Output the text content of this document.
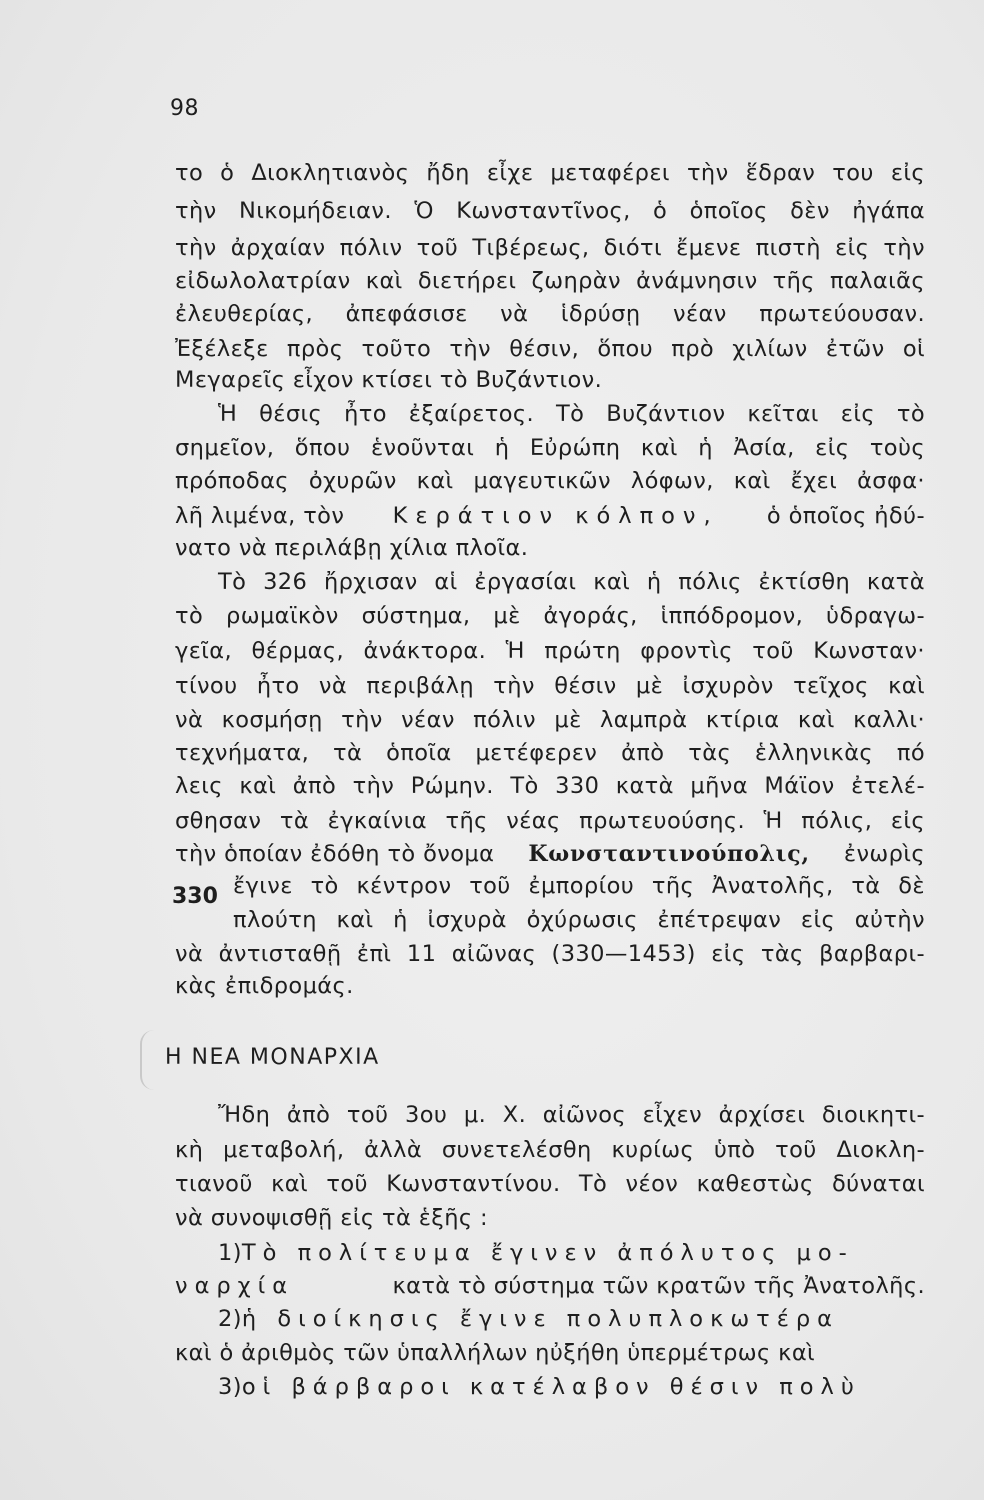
98
το ὁ Διοκλητιανὸς ἤδη εἶχε μεταφέρει τὴν ἕδραν του εἰς
τὴν Νικομήδειαν. Ὁ Κωνσταντῖνος, ὁ ὁποῖος δὲν ἠγάπα
τὴν ἀρχαίαν πόλιν τοῦ Τιβέρεως, διότι ἔμενε πιστὴ εἰς τὴν
εἰδωλολατρίαν καὶ διετήρει ζωηρὰν ἀνάμνησιν τῆς παλαιᾶς
ἐλευθερίας, ἀπεφάσισε νὰ ἱδρύσῃ νέαν πρωτεύουσαν.
Ἐξέλεξε πρὸς τοῦτο τὴν θέσιν, ὅπου πρὸ χιλίων ἐτῶν οἱ
Μεγαρεῖς εἶχον κτίσει τὸ Βυζάντιον.
Ἡ θέσις ἦτο ἐξαίρετος. Τὸ Βυζάντιον κεῖται εἰς τὸ
σημεῖον, ὅπου ἑνοῦνται ἡ Εὐρώπη καὶ ἡ Ἀσία, εἰς τοὺς
πρόποδας ὀχυρῶν καὶ μαγευτικῶν λόφων, καὶ ἔχει ἀσφα·
λῆ λιμένα, τὸν Κεράτιον κόλπον, ὁ ὁποῖος ἠδύ-
νατο νὰ περιλάβῃ χίλια πλοῖα.
Τὸ 326 ἤρχισαν αἱ ἐργασίαι καὶ ἡ πόλις ἐκτίσθη κατὰ
τὸ ρωμαϊκὸν σύστημα, μὲ ἀγοράς, ἱππόδρομον, ὑδραγω-
γεῖα, θέρμας, ἀνάκτορα. Ἡ πρώτη φροντὶς τοῦ Κωνσταν·
τίνου ἦτο νὰ περιβάλῃ τὴν θέσιν μὲ ἰσχυρὸν τεῖχος καὶ
νὰ κοσμήσῃ τὴν νέαν πόλιν μὲ λαμπρὰ κτίρια καὶ καλλι·
τεχνήματα, τὰ ὁποῖα μετέφερεν ἀπὸ τὰς ἑλληνικὰς πό
λεις καὶ ἀπὸ τὴν Ρώμην. Τὸ 330 κατὰ μῆνα Μάϊον ἐτελέ-
σθησαν τὰ ἐγκαίνια τῆς νέας πρωτευούσης. Ἡ πόλις, εἰς
τὴν ὁποίαν ἐδόθη τὸ ὄνομα Κωνσταντινούπολις, ἐνωρὶς
330 ἔγινε τὸ κέντρον τοῦ ἐμπορίου τῆς Ἀνατολῆς, τὰ δὲ
πλούτη καὶ ἡ ἰσχυρὰ ὀχύρωσις ἐπέτρεψαν εἰς αὐτὴν
νὰ ἀντισταθῇ ἐπὶ 11 αἰῶνας (330—1453) εἰς τὰς βαρβαρι-
κὰς ἐπιδρομάς.
Η ΝΕΑ ΜΟΝΑΡΧΙΑ
Ἤδη ἀπὸ τοῦ 3ου μ. Χ. αἰῶνος εἶχεν ἀρχίσει διοικητι-
κὴ μεταβολή, ἀλλὰ συνετελέσθη κυρίως ὑπὸ τοῦ Διοκλη-
τιανοῦ καὶ τοῦ Κωνσταντίνου. Τὸ νέον καθεστὼς δύναται
νὰ συνοψισθῇ εἰς τὰ ἑξῆς :
1) Τὸ πολίτευμα ἔγινεν ἀπόλυτος μο-
ναρχία	κατὰ τὸ σύστημα τῶν κρατῶν τῆς Ἀνατολῆς.
2) ἡ διοίκησις ἔγινε πολυπλοκωτέρα
καὶ ὁ ἀριθμὸς τῶν ὑπαλλήλων ηὐξήθη ὑπερμέτρως καὶ
3) οἱ βάρβαροι κατέλαβον θέσιν πολὺ
